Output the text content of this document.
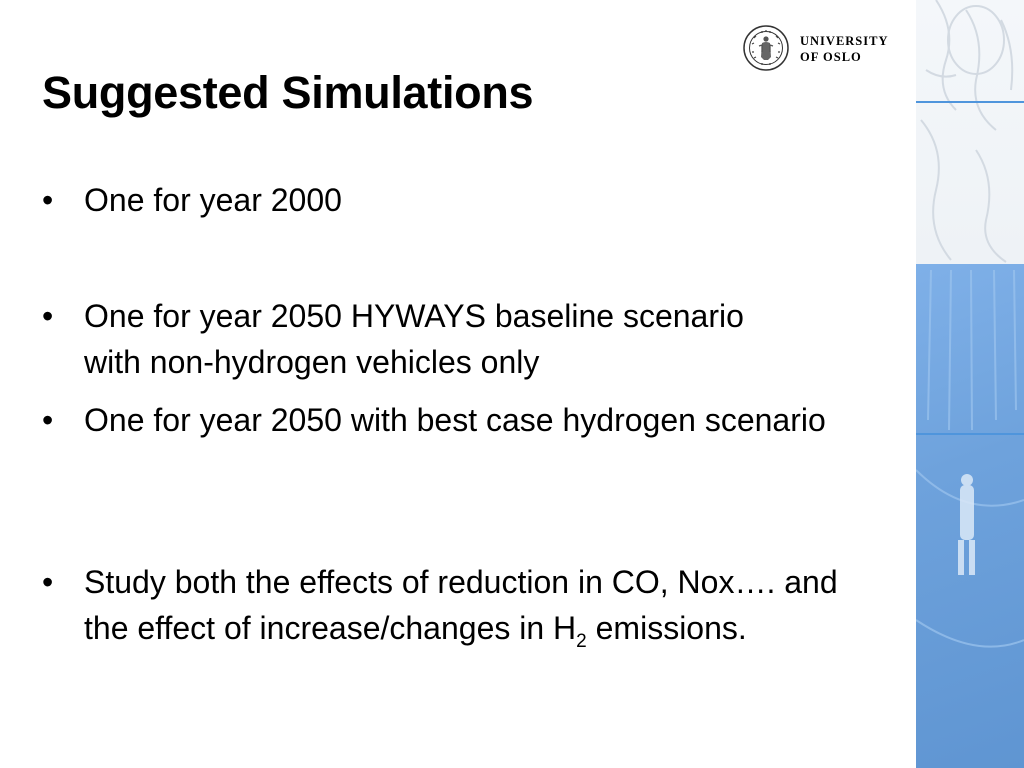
UNIVERSITY
OF OSLO
Suggested Simulations
• One for year 2000
• One for year 2050 HYWAYS baseline scenario with non-hydrogen vehicles only
• One for year 2050 with best case hydrogen scenario
• Study both the effects of reduction in CO, Nox…. and the effect of increase/changes in $H_2$ emissions.
